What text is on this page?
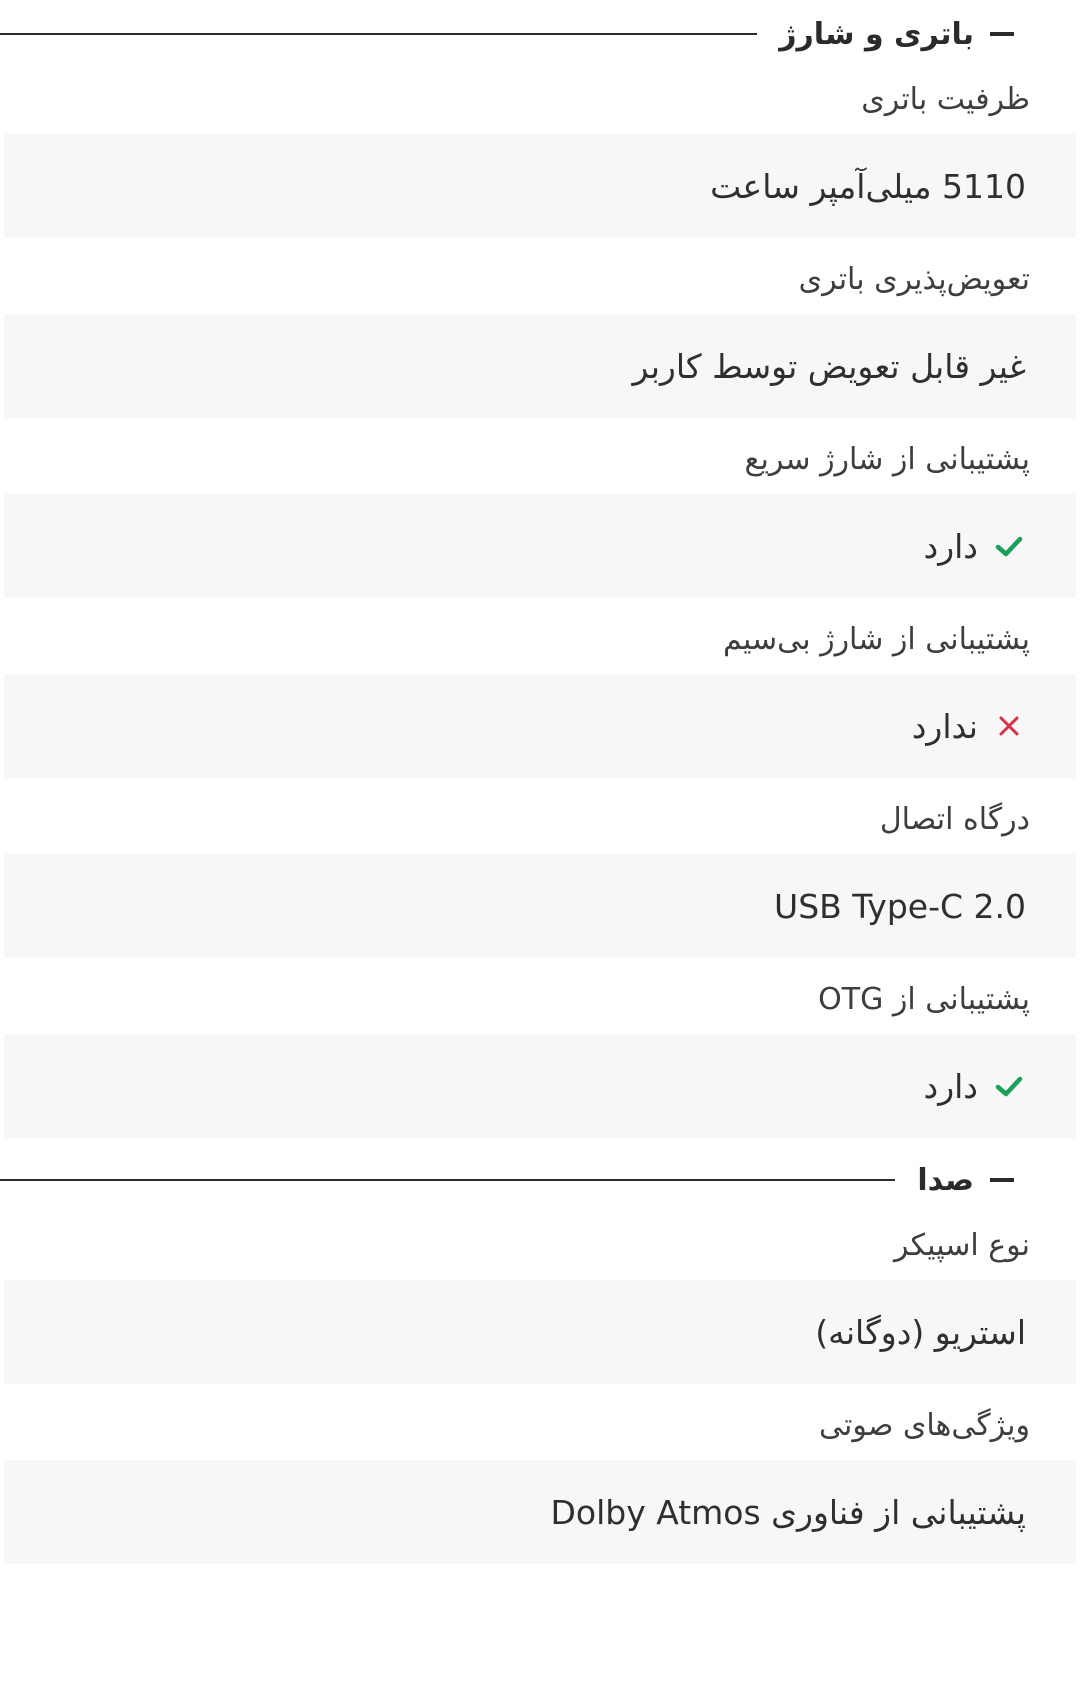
باتری و شارژ
ظرفیت باتری
5110 میلی‌آمپر ساعت
تعویض‌پذیری باتری
غیر قابل تعویض توسط کاربر
پشتیبانی از شارژ سریع
دارد
پشتیبانی از شارژ بی‌سیم
ندارد
درگاه اتصال
USB Type-C 2.0
پشتیبانی از OTG
دارد
صدا
نوع اسپیکر
استریو (دوگانه)
ویژگی‌های صوتی
پشتیبانی از فناوری Dolby Atmos
